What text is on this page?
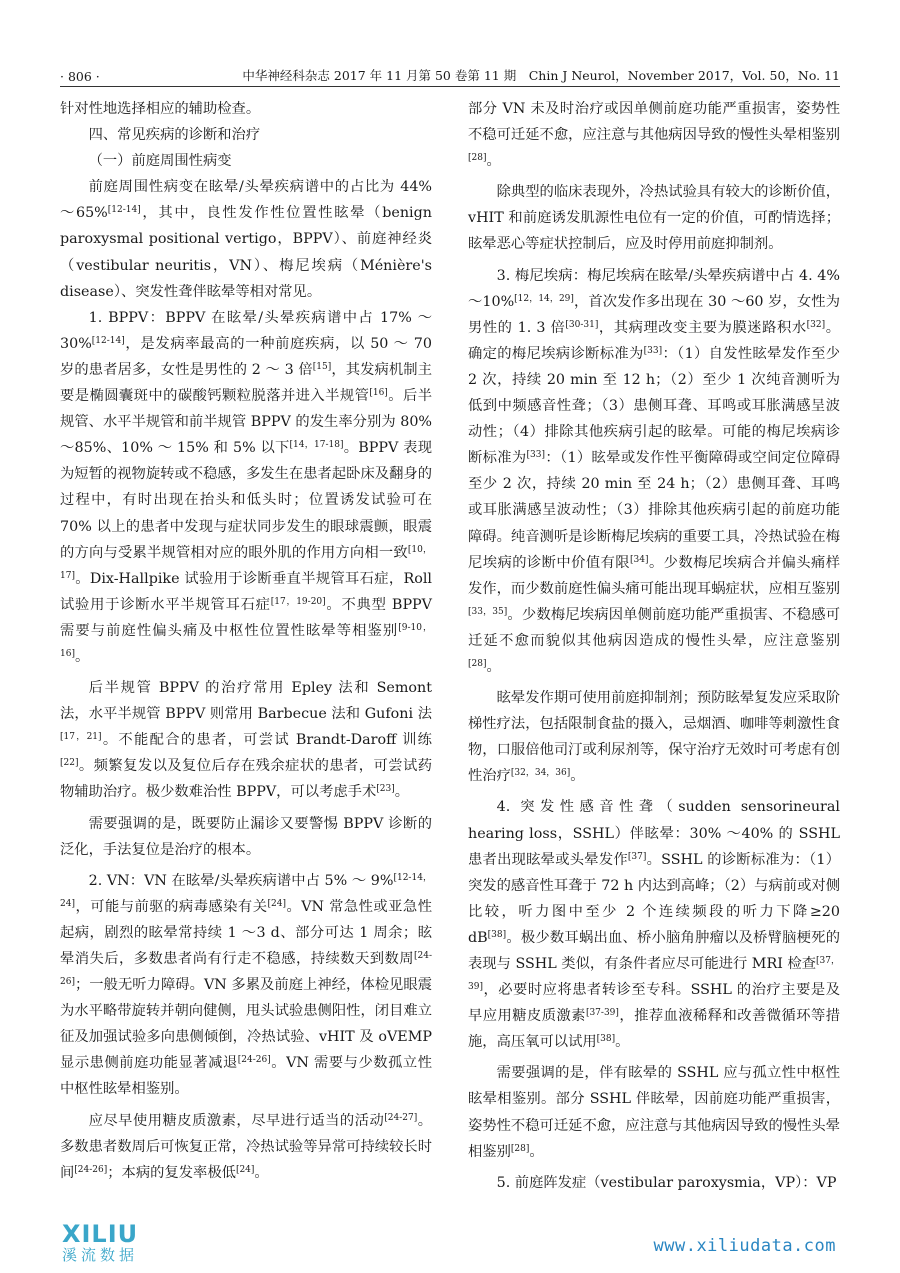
· 806 ·	中华神经科杂志 2017 年 11 月第 50 卷第 11 期　Chin J Neurol，November 2017，Vol. 50，No. 11

针对性地选择相应的辅助检查。

四、常见疾病的诊断和治疗

（一）前庭周围性病变

前庭周围性病变在眩晕/头晕疾病谱中的占比为 44% ～65%[12-14]，其中，良性发作性位置性眩晕（benign paroxysmal positional vertigo，BPPV）、前庭神经炎（vestibular neuritis，VN）、梅尼埃病（Ménière's disease）、突发性聋伴眩晕等相对常见。

1. BPPV：BPPV 在眩晕/头晕疾病谱中占 17% ～30%[12-14]，是发病率最高的一种前庭疾病，以 50 ～ 70 岁的患者居多，女性是男性的 2 ～ 3 倍[15]，其发病机制主要是椭圆囊斑中的碳酸钙颗粒脱落并进入半规管[16]。后半规管、水平半规管和前半规管 BPPV 的发生率分别为 80% ～85%、10% ～ 15% 和 5% 以下[14，17-18]。BPPV 表现为短暂的视物旋转或不稳感，多发生在患者起卧床及翻身的过程中，有时出现在抬头和低头时；位置诱发试验可在 70% 以上的患者中发现与症状同步发生的眼球震颤，眼震的方向与受累半规管相对应的眼外肌的作用方向相一致[10，17]。Dix-Hallpike 试验用于诊断垂直半规管耳石症，Roll 试验用于诊断水平半规管耳石症[17，19-20]。不典型 BPPV 需要与前庭性偏头痛及中枢性位置性眩晕等相鉴别[9-10，16]。

后半规管 BPPV 的治疗常用 Epley 法和 Semont 法，水平半规管 BPPV 则常用 Barbecue 法和 Gufoni 法[17，21]。不能配合的患者，可尝试 Brandt-Daroff 训练[22]。频繁复发以及复位后存在残余症状的患者，可尝试药物辅助治疗。极少数难治性 BPPV，可以考虑手术[23]。

需要强调的是，既要防止漏诊又要警惕 BPPV 诊断的泛化，手法复位是治疗的根本。

2. VN：VN 在眩晕/头晕疾病谱中占 5% ～ 9%[12-14，24]，可能与前驱的病毒感染有关[24]。VN 常急性或亚急性起病，剧烈的眩晕常持续 1 ～3 d、部分可达 1 周余；眩晕消失后，多数患者尚有行走不稳感，持续数天到数周[24-26]；一般无听力障碍。VN 多累及前庭上神经，体检见眼震为水平略带旋转并朝向健侧，甩头试验患侧阳性，闭目难立征及加强试验多向患侧倾倒，冷热试验、vHIT 及 oVEMP 显示患侧前庭功能显著减退[24-26]。VN 需要与少数孤立性中枢性眩晕相鉴别。

应尽早使用糖皮质激素，尽早进行适当的活动[24-27]。多数患者数周后可恢复正常，冷热试验等异常可持续较长时间[24-26]；本病的复发率极低[24]。

部分 VN 未及时治疗或因单侧前庭功能严重损害，姿势性不稳可迁延不愈，应注意与其他病因导致的慢性头晕相鉴别[28]。

除典型的临床表现外，冷热试验具有较大的诊断价值，vHIT 和前庭诱发肌源性电位有一定的价值，可酌情选择；眩晕恶心等症状控制后，应及时停用前庭抑制剂。

3. 梅尼埃病：梅尼埃病在眩晕/头晕疾病谱中占 4. 4% ～10%[12，14，29]，首次发作多出现在 30 ～60 岁，女性为男性的 1. 3 倍[30-31]，其病理改变主要为膜迷路积水[32]。确定的梅尼埃病诊断标准为[33]：（1）自发性眩晕发作至少 2 次，持续 20 min 至 12 h；（2）至少 1 次纯音测听为低到中频感音性聋；（3）患侧耳聋、耳鸣或耳胀满感呈波动性；（4）排除其他疾病引起的眩晕。可能的梅尼埃病诊断标准为[33]：（1）眩晕或发作性平衡障碍或空间定位障碍至少 2 次，持续 20 min 至 24 h；（2）患侧耳聋、耳鸣或耳胀满感呈波动性；（3）排除其他疾病引起的前庭功能障碍。纯音测听是诊断梅尼埃病的重要工具，冷热试验在梅尼埃病的诊断中价值有限[34]。少数梅尼埃病合并偏头痛样发作，而少数前庭性偏头痛可能出现耳蜗症状，应相互鉴别[33，35]。少数梅尼埃病因单侧前庭功能严重损害、不稳感可迁延不愈而貌似其他病因造成的慢性头晕，应注意鉴别[28]。

眩晕发作期可使用前庭抑制剂；预防眩晕复发应采取阶梯性疗法，包括限制食盐的摄入，忌烟酒、咖啡等刺激性食物，口服倍他司汀或利尿剂等，保守治疗无效时可考虑有创性治疗[32，34，36]。

4. 突发性感音性聋（sudden sensorineural hearing loss，SSHL）伴眩晕：30% ～40% 的 SSHL 患者出现眩晕或头晕发作[37]。SSHL 的诊断标准为：（1）突发的感音性耳聋于 72 h 内达到高峰；（2）与病前或对侧比较，听力图中至少 2 个连续频段的听力下降≥20 dB[38]。极少数耳蜗出血、桥小脑角肿瘤以及桥臂脑梗死的表现与 SSHL 类似，有条件者应尽可能进行 MRI 检查[37，39]，必要时应将患者转诊至专科。SSHL 的治疗主要是及早应用糖皮质激素[37-39]，推荐血液稀释和改善微循环等措施，高压氧可以试用[38]。

需要强调的是，伴有眩晕的 SSHL 应与孤立性中枢性眩晕相鉴别。部分 SSHL 伴眩晕，因前庭功能严重损害，姿势性不稳可迁延不愈，应注意与其他病因导致的慢性头晕相鉴别[28]。

5. 前庭阵发症（vestibular paroxysmia，VP）：VP

XILIU
溪流数据	www.xiliudata.com
